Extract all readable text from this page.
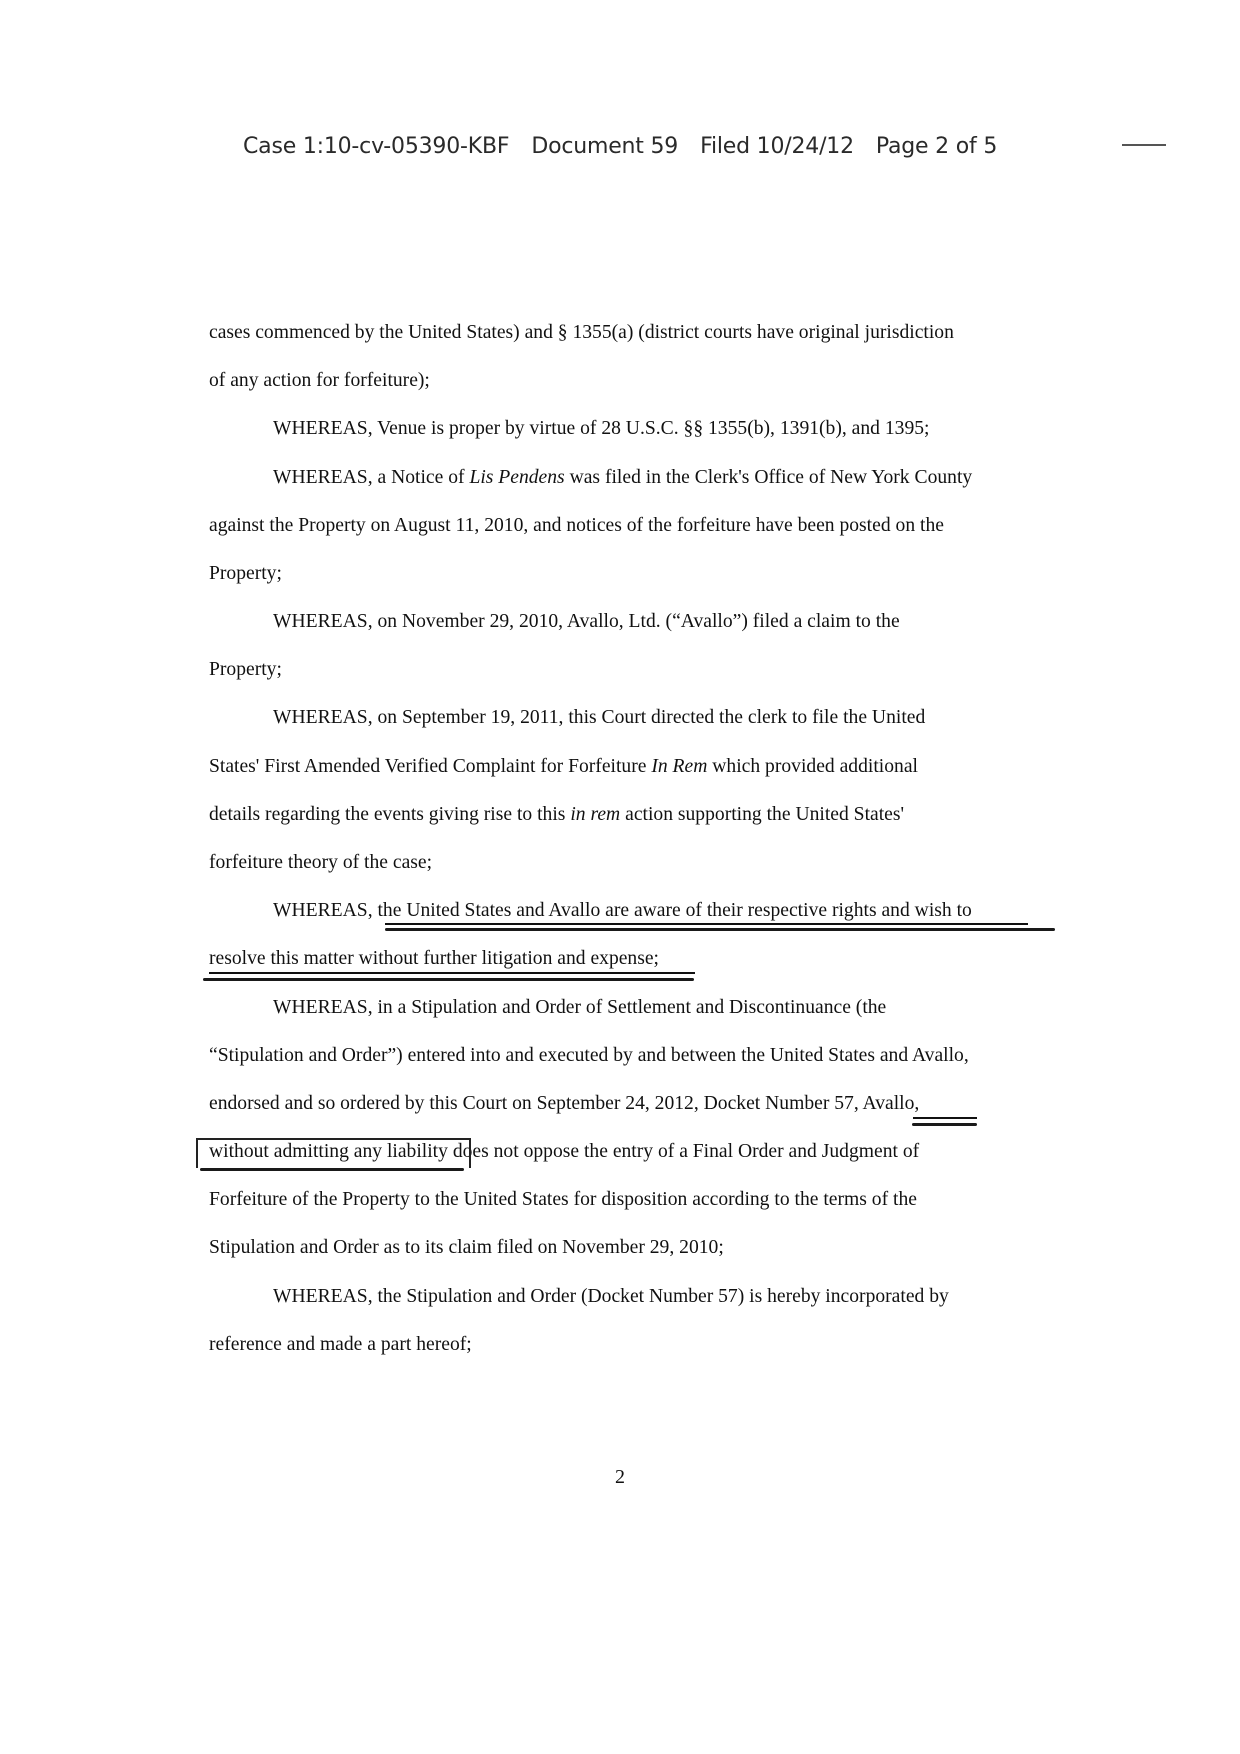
Case 1:10-cv-05390-KBF Document 59 Filed 10/24/12 Page 2 of 5
cases commenced by the United States) and § 1355(a) (district courts have original jurisdiction
of any action for forfeiture);
WHEREAS, Venue is proper by virtue of 28 U.S.C. §§ 1355(b), 1391(b), and 1395;
WHEREAS, a Notice of Lis Pendens was filed in the Clerk's Office of New York County
against the Property on August 11, 2010, and notices of the forfeiture have been posted on the
Property;
WHEREAS, on November 29, 2010, Avallo, Ltd. (“Avallo”) filed a claim to the
Property;
WHEREAS, on September 19, 2011, this Court directed the clerk to file the United
States' First Amended Verified Complaint for Forfeiture In Rem which provided additional
details regarding the events giving rise to this in rem action supporting the United States'
forfeiture theory of the case;
WHEREAS, the United States and Avallo are aware of their respective rights and wish to
resolve this matter without further litigation and expense;
WHEREAS, in a Stipulation and Order of Settlement and Discontinuance (the
“Stipulation and Order”) entered into and executed by and between the United States and Avallo,
endorsed and so ordered by this Court on September 24, 2012, Docket Number 57, Avallo,
without admitting any liability does not oppose the entry of a Final Order and Judgment of
Forfeiture of the Property to the United States for disposition according to the terms of the
Stipulation and Order as to its claim filed on November 29, 2010;
WHEREAS, the Stipulation and Order (Docket Number 57) is hereby incorporated by
reference and made a part hereof;
2
